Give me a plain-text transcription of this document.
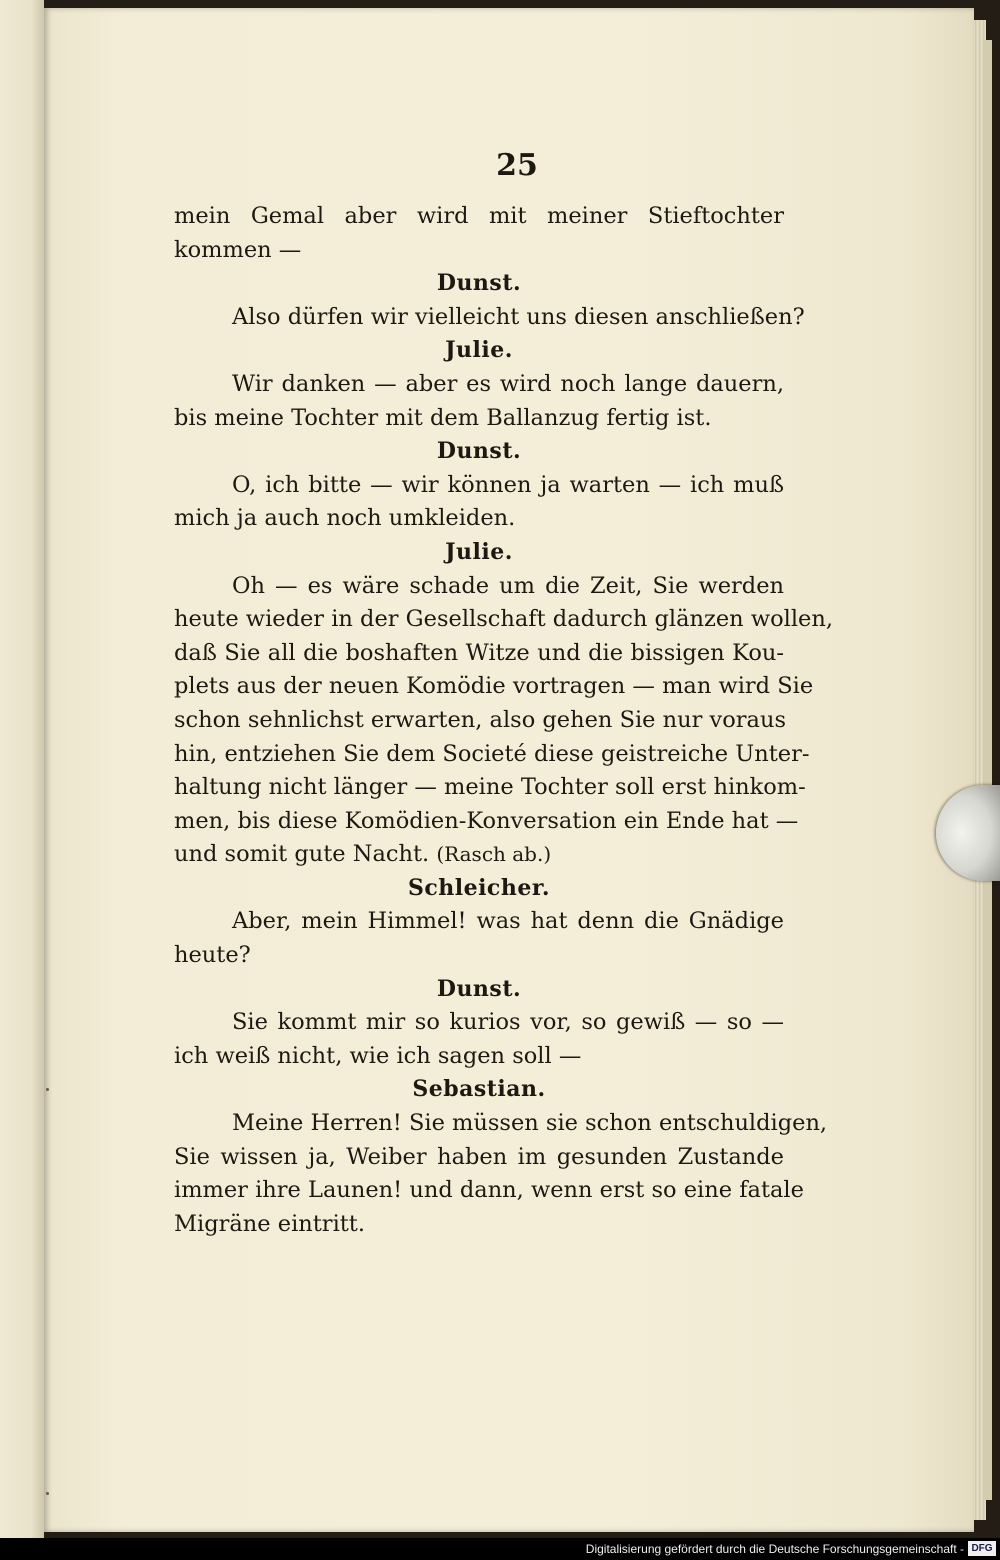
25
mein Gemal aber wird mit meiner Stieftochter
kommen —
Dunst.
Also dürfen wir vielleicht uns diesen anschließen?
Julie.
Wir danken — aber es wird noch lange dauern,
bis meine Tochter mit dem Ballanzug fertig ist.
Dunst.
O, ich bitte — wir können ja warten — ich muß
mich ja auch noch umkleiden.
Julie.
Oh — es wäre schade um die Zeit, Sie werden
heute wieder in der Gesellschaft dadurch glänzen wollen,
daß Sie all die boshaften Witze und die bissigen Kou-
plets aus der neuen Komödie vortragen — man wird Sie
schon sehnlichst erwarten, also gehen Sie nur voraus
hin, entziehen Sie dem Societé diese geistreiche Unter-
haltung nicht länger — meine Tochter soll erst hinkom-
men, bis diese Komödien-Konversation ein Ende hat —
und somit gute Nacht. (Rasch ab.)
Schleicher.
Aber, mein Himmel! was hat denn die Gnädige
heute?
Dunst.
Sie kommt mir so kurios vor, so gewiß — so —
ich weiß nicht, wie ich sagen soll —
Sebastian.
Meine Herren! Sie müssen sie schon entschuldigen,
Sie wissen ja, Weiber haben im gesunden Zustande
immer ihre Launen! und dann, wenn erst so eine fatale
Migräne eintritt.
Digitalisierung gefördert durch die Deutsche Forschungsgemeinschaft - DFG
